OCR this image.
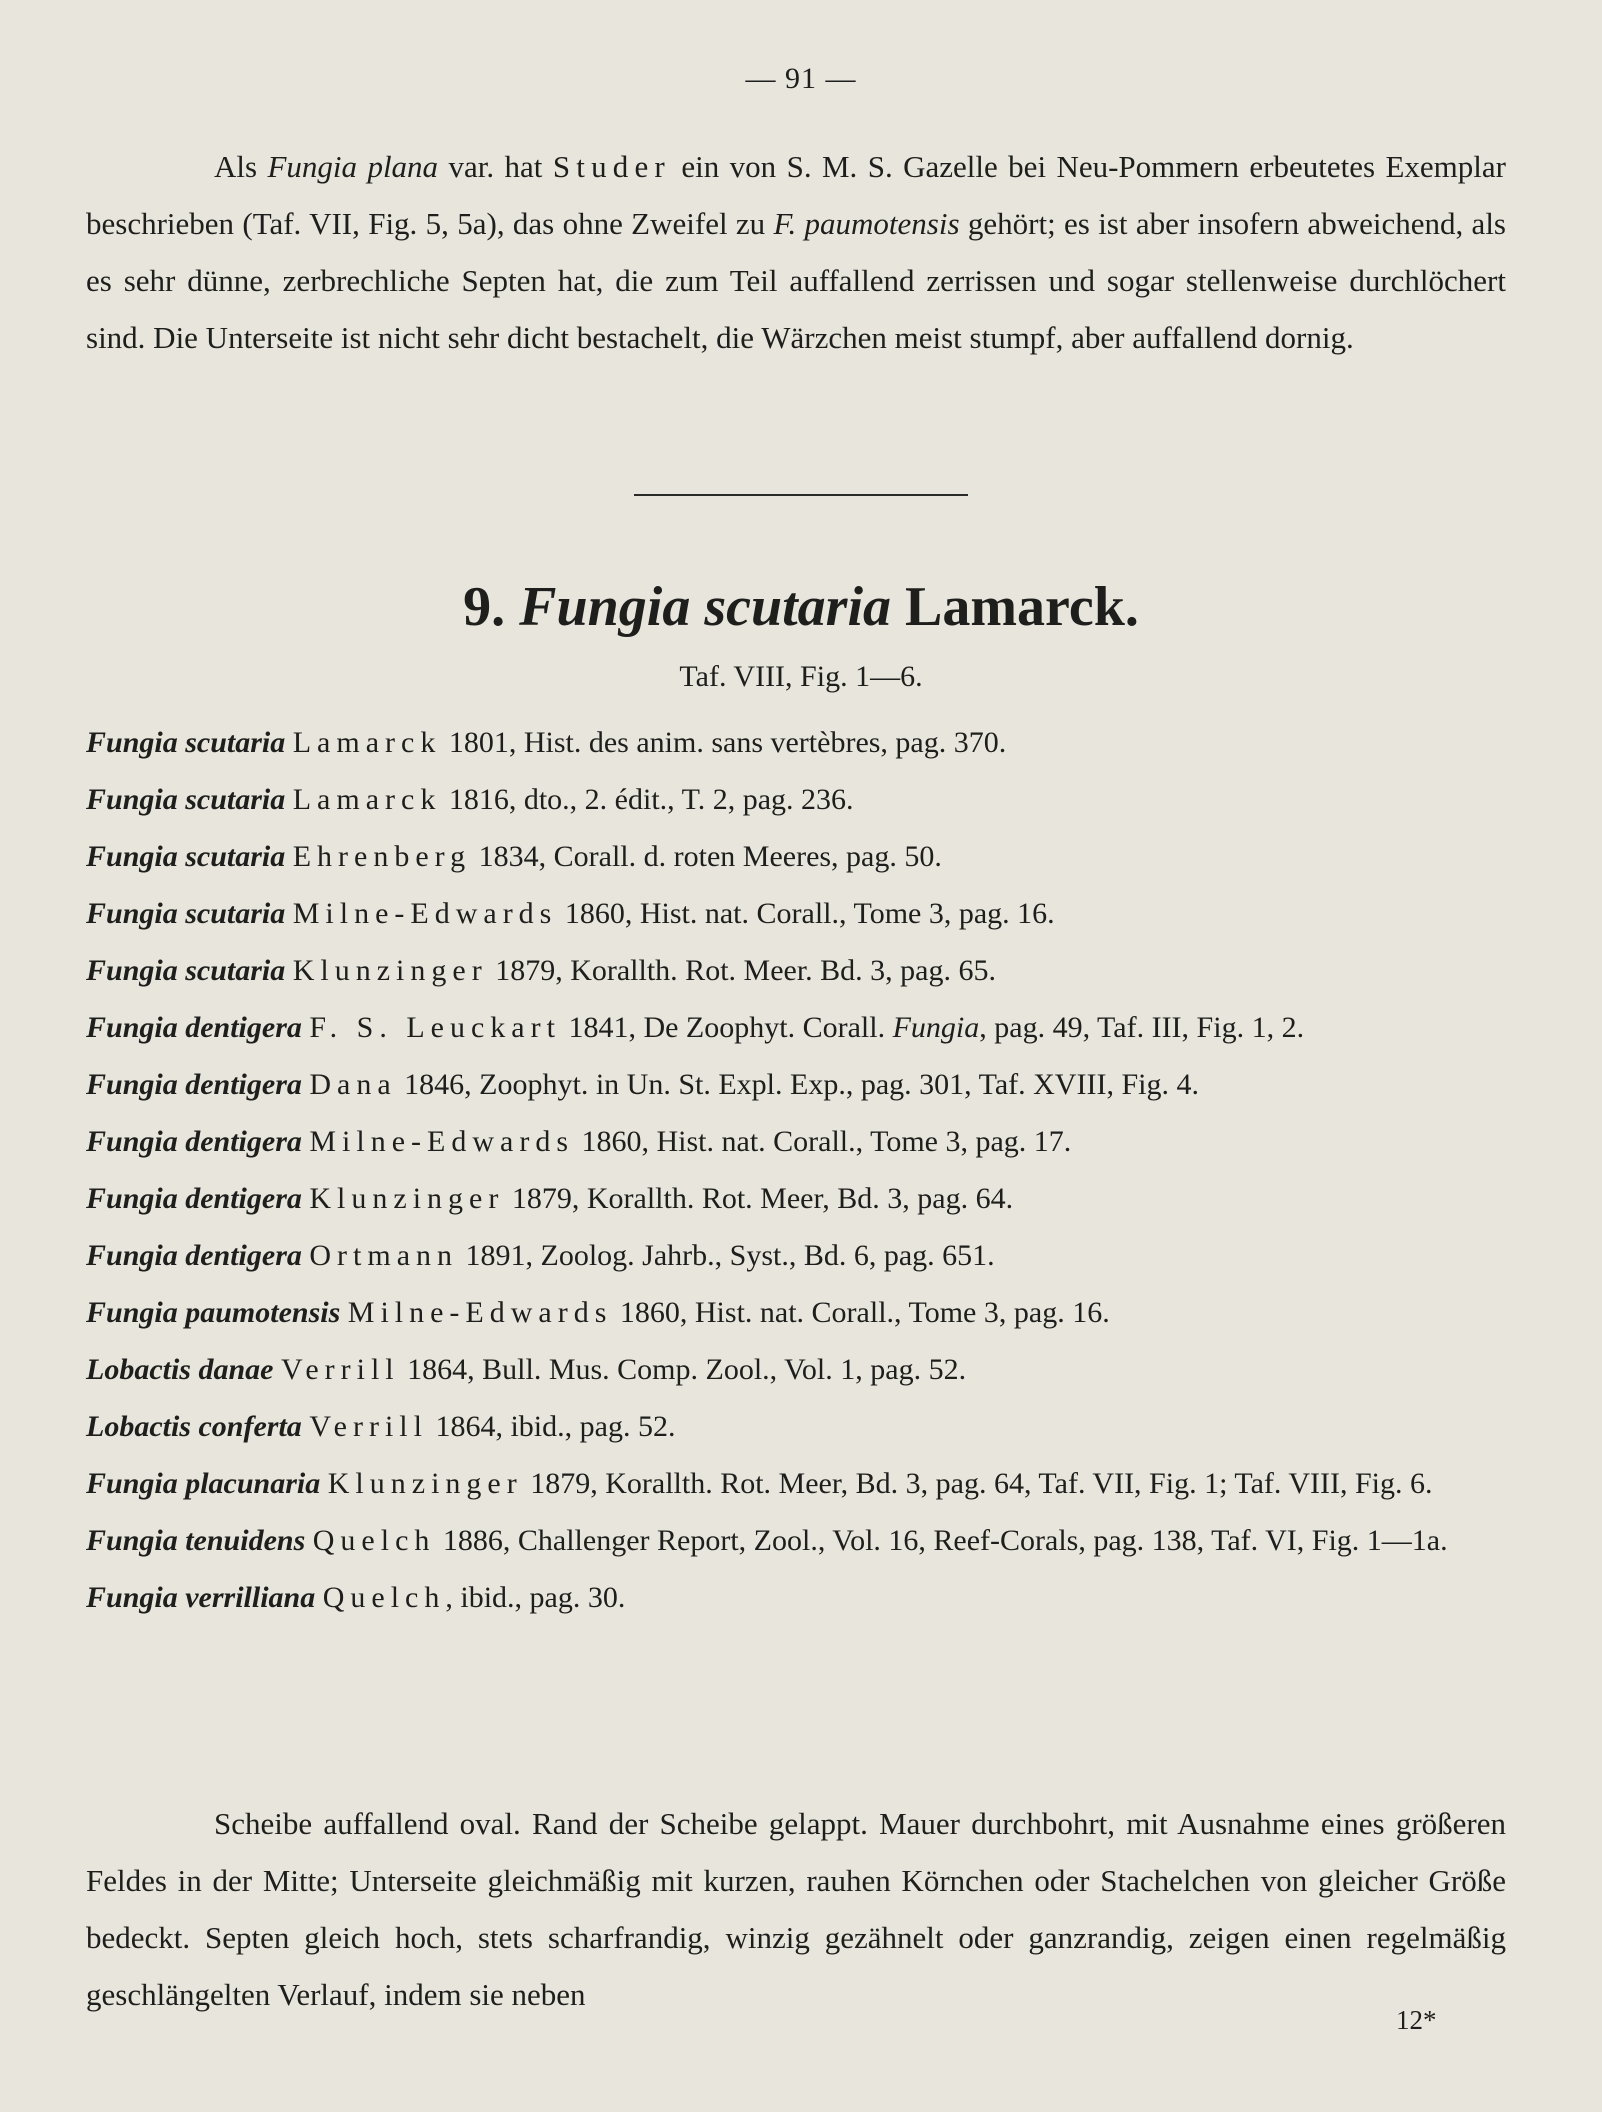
— 91 —

Als Fungia plana var. hat Studer ein von S. M. S. Gazelle bei Neu-Pommern erbeutetes Exemplar beschrieben (Taf. VII, Fig. 5, 5a), das ohne Zweifel zu F. paumotensis gehört; es ist aber insofern abweichend, als es sehr dünne, zerbrechliche Septen hat, die zum Teil auffallend zerrissen und sogar stellenweise durchlöchert sind. Die Unterseite ist nicht sehr dicht bestachelt, die Wärzchen meist stumpf, aber auffallend dornig.

9. Fungia scutaria Lamarck.
Taf. VIII, Fig. 1—6.
Fungia scutaria Lamarck 1801, Hist. des anim. sans vertèbres, pag. 370.
Fungia scutaria Lamarck 1816, dto., 2. édit., T. 2, pag. 236.
Fungia scutaria Ehrenberg 1834, Corall. d. roten Meeres, pag. 50.
Fungia scutaria Milne-Edwards 1860, Hist. nat. Corall., Tome 3, pag. 16.
Fungia scutaria Klunzinger 1879, Korallth. Rot. Meer. Bd. 3, pag. 65.
Fungia dentigera F. S. Leuckart 1841, De Zoophyt. Corall. Fungia, pag. 49, Taf. III, Fig. 1, 2.
Fungia dentigera Dana 1846, Zoophyt. in Un. St. Expl. Exp., pag. 301, Taf. XVIII, Fig. 4.
Fungia dentigera Milne-Edwards 1860, Hist. nat. Corall., Tome 3, pag. 17.
Fungia dentigera Klunzinger 1879, Korallth. Rot. Meer, Bd. 3, pag. 64.
Fungia dentigera Ortmann 1891, Zoolog. Jahrb., Syst., Bd. 6, pag. 651.
Fungia paumotensis Milne-Edwards 1860, Hist. nat. Corall., Tome 3, pag. 16.
Lobactis danae Verrill 1864, Bull. Mus. Comp. Zool., Vol. 1, pag. 52.
Lobactis conferta Verrill 1864, ibid., pag. 52.
Fungia placunaria Klunzinger 1879, Korallth. Rot. Meer, Bd. 3, pag. 64, Taf. VII, Fig. 1; Taf. VIII, Fig. 6.
Fungia tenuidens Quelch 1886, Challenger Report, Zool., Vol. 16, Reef-Corals, pag. 138, Taf. VI, Fig. 1—1a.
Fungia verrilliana Quelch, ibid., pag. 30.

Scheibe auffallend oval. Rand der Scheibe gelappt. Mauer durchbohrt, mit Ausnahme eines größeren Feldes in der Mitte; Unterseite gleichmäßig mit kurzen, rauhen Körnchen oder Stachelchen von gleicher Größe bedeckt. Septen gleich hoch, stets scharfrandig, winzig gezähnelt oder ganzrandig, zeigen einen regelmäßig geschlängelten Verlauf, indem sie neben

12*
